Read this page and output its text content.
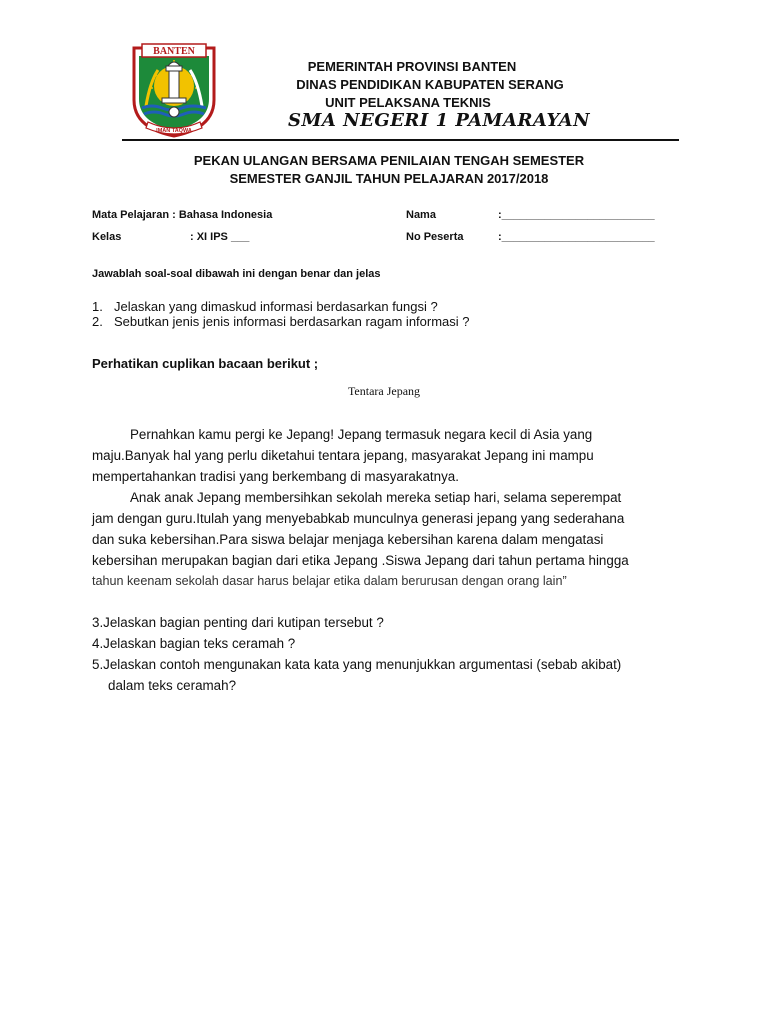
BANTEN
IMAN TAQWA
PEMERINTAH PROVINSI BANTEN
DINAS PENDIDIKAN KABUPATEN SERANG
UNIT PELAKSANA TEKNIS
SMA NEGERI 1 PAMARAYAN
PEKAN ULANGAN BERSAMA PENILAIAN TENGAH SEMESTER
SEMESTER GANJIL TAHUN PELAJARAN 2017/2018
Mata Pelajaran : Bahasa Indonesia
Kelas	: XI IPS ___
Nama	:_________________________
No Peserta	:_________________________
Jawablah soal-soal dibawah ini dengan benar dan jelas
1. Jelaskan yang dimaskud informasi berdasarkan fungsi ?
2. Sebutkan jenis jenis informasi berdasarkan ragam informasi ?
Perhatikan cuplikan bacaan berikut ;
Tentara Jepang
Pernahkan kamu pergi ke Jepang! Jepang termasuk negara kecil di Asia yang
maju.Banyak hal yang perlu diketahui tentara jepang, masyarakat Jepang ini mampu
mempertahankan tradisi yang berkembang di masyarakatnya.
Anak anak Jepang membersihkan sekolah mereka setiap hari, selama seperempat
jam dengan guru.Itulah yang menyebabkab munculnya generasi jepang yang sederahana
dan suka kebersihan.Para siswa belajar menjaga kebersihan karena dalam mengatasi
kebersihan merupakan bagian dari etika Jepang .Siswa Jepang dari tahun pertama hingga
tahun keenam sekolah dasar harus belajar etika dalam berurusan dengan orang lain”
3.Jelaskan bagian penting dari kutipan tersebut ?
4.Jelaskan bagian teks ceramah ?
5.Jelaskan contoh mengunakan kata kata yang menunjukkan argumentasi (sebab akibat)
dalam teks ceramah?
